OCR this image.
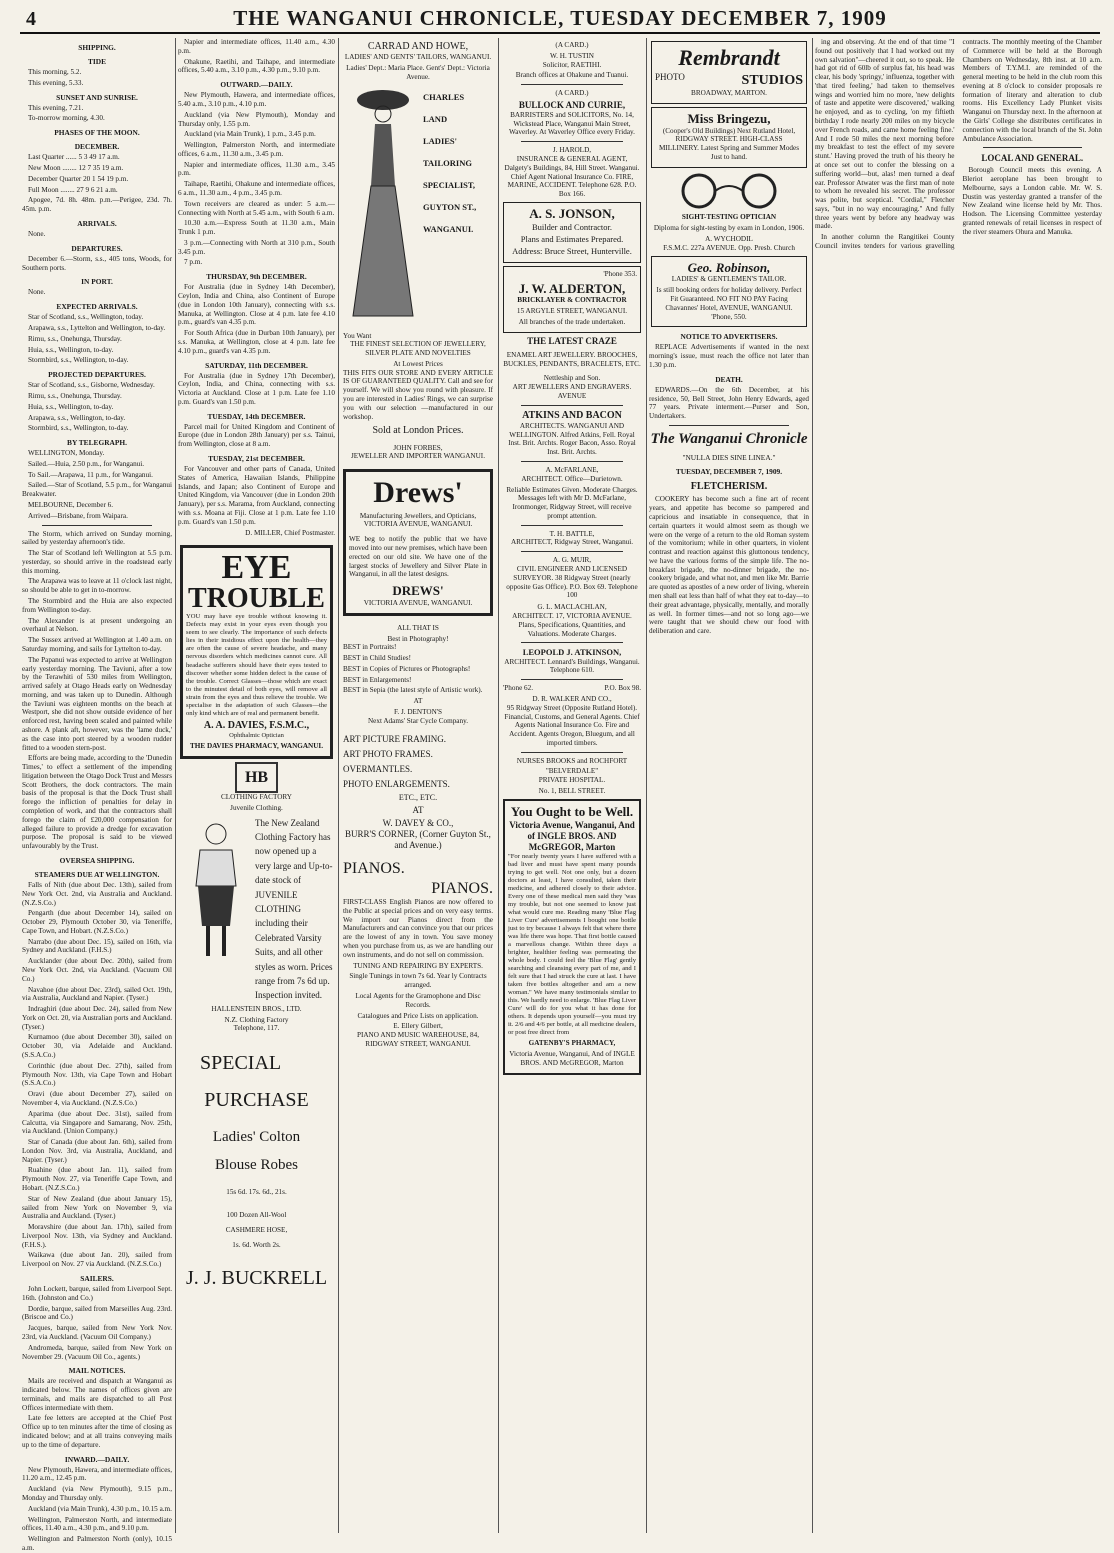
4	THE WANGANUI CHRONICLE, TUESDAY DECEMBER 7, 1909
SHIPPING.
TIDE

This morning, 5.2.

This evening, 5.33.

SUNSET AND SUNRISE.

This evening, 7.21.

To-morrow morning, 4.30.

PHASES OF THE MOON.
DECEMBER.

Last Quarter ...... 5 3 49 17 a.m.

New Moon ........ 12 7 35 19 a.m.

December Quarter 20 1 54 19 p.m.

Full Moon ........ 27 9 6 21 a.m.

Apogee, 7d. 8h. 48m. p.m.—Perigee, 23d. 7h. 45m. p.m.

ARRIVALS.

None.

DEPARTURES.

December 6.—Storm, s.s., 405 tons, Woods, for Southern ports.

IN PORT.

None.

EXPECTED ARRIVALS.

Star of Scotland, s.s., Wellington, today.

Arapawa, s.s., Lyttelton and Wellington, to-day.

Rimu, s.s., Onehunga, Thursday.

Huia, s.s., Wellington, to-day.

Stormbird, s.s., Wellington, to-day.

PROJECTED DEPARTURES.

Star of Scotland, s.s., Gisborne, Wednesday.

Rimu, s.s., Onehunga, Thursday.

Huia, s.s., Wellington, to-day.

Arapawa, s.s., Wellington, to-day.

Stormbird, s.s., Wellington, to-day.

BY TELEGRAPH.

WELLINGTON, Monday.

Sailed.—Huia, 2.50 p.m., for Wanganui.

To Sail.—Arapawa, 11 p.m., for Wanganui.

Sailed.—Star of Scotland, 5.5 p.m., for Wanganui Breakwater.

MELBOURNE, December 6.

Arrived—Brisbane, from Waipara.

The Storm, which arrived on Sunday morning, sailed by yesterday afternoon's tide.

The Star of Scotland left Wellington at 5.5 p.m. yesterday, so should arrive in the roadstead early this morning.

The Arapawa was to leave at 11 o'clock last night, so should be able to get in to-morrow.

The Stormbird and the Huia are also expected from Wellington to-day.

The Alexander is at present undergoing an overhaul at Nelson.

The Sussex arrived at Wellington at 1.40 a.m. on Saturday morning, and sails for Lyttelton to-day.

The Papanui was expected to arrive at Wellington early yesterday morning. The Taviuni, after a tow by the Terawhiti of 530 miles from Wellington, arrived safely at Otago Heads early on Wednesday morning, and was taken up to Dunedin. Although the Taviuni was eighteen months on the beach at Westport, she did not show outside evidence of her enforced rest, having been scaled and painted while ashore. A plank aft, however, was the 'lame duck,' as the case into port steered by a wooden rudder fitted to a wooden stern-post.

Efforts are being made, according to the 'Dunedin Times,' to effect a settlement of the impending litigation between the Otago Dock Trust and Messrs Scott Brothers, the dock contractors. The main basis of the proposal is that the Dock Trust shall forego the infliction of penalties for delay in completion of work, and that the contractors shall forego the claim of £20,000 compensation for alleged failure to provide a dredge for excavation purpose. The proposal is said to be viewed unfavourably by the Trust.

OVERSEA SHIPPING.
STEAMERS DUE AT WELLINGTON.

Falls of Nith (due about Dec. 13th), sailed from New York Oct. 2nd, via Australia and Auckland. (N.Z.S.Co.)

Pengarth (due about December 14), sailed on October 29, Plymouth October 30, via Teneriffe, Cape Town, and Hobart. (N.Z.S.Co.)

Narrabo (due about Dec. 15), sailed on 16th, via Sydney and Auckland. (F.H.S.)

Aucklander (due about Dec. 20th), sailed from New York Oct. 2nd, via Auckland. (Vacuum Oil Co.)

Navahoe (due about Dec. 23rd), sailed Oct. 19th, via Australia, Auckland and Napier. (Tyser.)

Indraghiri (due about Dec. 24), sailed from New York on Oct. 20, via Australian ports and Auckland. (Tyser.)

Kurnamoo (due about December 30), sailed on October 30, via Adelaide and Auckland. (S.S.A.Co.)

Corinthic (due about Dec. 27th), sailed from Plymouth Nov. 13th, via Cape Town and Hobart (S.S.A.Co.)

Oravi (due about December 27), sailed on November 4, via Auckland. (N.Z.S.Co.)

Aparima (due about Dec. 31st), sailed from Calcutta, via Singapore and Samarang, Nov. 25th, via Auckland. (Union Company.)

Star of Canada (due about Jan. 6th), sailed from London Nov. 3rd, via Australia, Auckland, and Napier. (Tyser.)

Ruahine (due about Jan. 11), sailed from Plymouth Nov. 27, via Teneriffe Cape Town, and Hobart. (N.Z.S.Co.)

Star of New Zealand (due about January 15), sailed from New York on November 9, via Australia and Auckland. (Tyser.)

Moravshire (due about Jan. 17th), sailed from Liverpool Nov. 13th, via Sydney and Auckland. (F.H.S.).

Waikawa (due about Jan. 20), sailed from Liverpool on Nov. 27 via Auckland. (N.Z.S.Co.)

SAILERS.

John Lockett, barque, sailed from Liverpool Sept. 16th. (Johnston and Co.)

Dordie, barque, sailed from Marseilles Aug. 23rd. (Briscoe and Co.)

Jacques, barque, sailed from New York Nov. 23rd, via Auckland. (Vacuum Oil Company.)

Andromeda, barque, sailed from New York on November 29. (Vacuum Oil Co., agents.)

MAIL NOTICES.

Mails are received and dispatch at Wanganui as indicated below. The names of offices given are terminals, and mails are dispatched to all Post Offices intermediate with them.

Late fee letters are accepted at the Chief Post Office up to ten minutes after the time of closing as indicated below; and at all trains conveying mails up to the time of departure.

INWARD.—DAILY.

New Plymouth, Hawera, and intermediate offices, 11.20 a.m., 12.45 p.m.

Auckland (via New Plymouth), 9.15 p.m., Monday and Thursday only.

Auckland (via Main Trunk), 4.30 p.m., 10.15 a.m.

Wellington, Palmerston North, and intermediate offices, 11.40 a.m., 4.30 p.m., and 9.10 p.m.

Wellington and Palmerston North (only), 10.15 a.m.

Napier and intermediate offices, 11.40 a.m., 4.30 p.m.

Ohakune, Raetihi, and Taihape, and intermediate offices, 5.40 a.m., 3.10 p.m., 4.30 p.m., 9.10 p.m.

OUTWARD.—DAILY.

New Plymouth, Hawera, and intermediate offices, 5.40 a.m., 3.10 p.m., 4.10 p.m.

Auckland (via New Plymouth), Monday and Thursday only, 1.55 p.m.

Auckland (via Main Trunk), 1 p.m., 3.45 p.m.

Wellington, Palmerston North, and intermediate offices, 6 a.m., 11.30 a.m., 3.45 p.m.

Napier and intermediate offices, 11.30 a.m., 3.45 p.m.

Taihape, Raetihi, Ohakune and intermediate offices, 6 a.m., 11.30 a.m., 4 p.m., 3.45 p.m.

Town receivers are cleared as under: 5 a.m.—Connecting with North at 5.45 a.m., with South 6 a.m.

10.30 a.m.—Express South at 11.30 a.m., Main Trunk 1 p.m.

3 p.m.—Connecting with North at 310 p.m., South 3.45 p.m.

7 p.m.

THURSDAY, 9th DECEMBER.

For Australia (due in Sydney 14th December), Ceylon, India and China, also Continent of Europe (due in London 10th January), connecting with s.s. Manuka, at Wellington. Close at 4 p.m. late fee 4.10 p.m., guard's van 4.35 p.m.

For South Africa (due in Durban 10th January), per s.s. Manuka, at Wellington, close at 4 p.m. late fee 4.10 p.m., guard's van 4.35 p.m.

SATURDAY, 11th DECEMBER.

For Australia (due in Sydney 17th December), Ceylon, India, and China, connecting with s.s. Victoria at Auckland. Close at 1 p.m. Late fee 1.10 p.m. Guard's van 1.50 p.m.

TUESDAY, 14th DECEMBER.

Parcel mail for United Kingdom and Continent of Europe (due in London 28th January) per s.s. Tainui, from Wellington, close at 8 a.m.

TUESDAY, 21st DECEMBER.

For Vancouver and other parts of Canada, United States of America, Hawaiian Islands, Philippine Islands, and Japan; also Continent of Europe and United Kingdom, via Vancouver (due in London 20th January), per s.s. Marama, from Auckland, connecting with s.s. Moana at Fiji. Close at 1 p.m. Late fee 1.10 p.m. Guard's van 1.50 p.m.

D. MILLER, Chief Postmaster.

EYE
TROUBLE

YOU may have eye trouble without knowing it. Defects may exist in your eyes even though you seem to see clearly. The importance of such defects lies in their insidious effect upon the health—they are often the cause of severe headache, and many nervous disorders which medicines cannot cure. All headache sufferers should have their eyes tested to discover whether some hidden defect is the cause of the trouble. Correct Glasses—those which are exact to the minutest detail of both eyes, will remove all strain from the eyes and thus relieve the trouble. We specialise in the adaptation of such Glasses—the only kind which are of real and permanent benefit.

A. A. DAVIES, F.S.M.C.,

Ophthalmic Optician

THE DAVIES PHARMACY, WANGANUI.

HB

CLOTHING FACTORY

Juvenile Clothing.

The New Zealand Clothing Factory has now opened up a very large and Up-to-date stock of JUVENILE CLOTHING including their Celebrated Varsity Suits, and all other styles as worn. Prices range from 7s 6d up. Inspection invited.

HALLENSTEIN BROS., LTD.

N.Z. Clothing Factory

Telephone, 117.

SPECIAL
PURCHASE
Ladies' Colton
Blouse Robes

15s 6d. 17s. 6d., 21s.

100 Dozen All-Wool

CASHMERE HOSE,

1s. 6d. Worth 2s.

J. J. BUCKRELL
CARRAD AND HOWE,

LADIES' AND GENTS' TAILORS, WANGANUI.

Ladies' Dept.: Maria Place. Gent's' Dept.: Victoria Avenue.

CHARLES
LAND
LADIES'
TAILORING
SPECIALIST,
GUYTON ST.,
WANGANUI.
You Want

THE FINEST SELECTION OF JEWELLERY, SILVER PLATE AND NOVELTIES

At Lowest Prices

THIS FITS OUR STORE AND EVERY ARTICLE IS OF GUARANTEED QUALITY. Call and see for yourself. We will show you round with pleasure. If you are interested in Ladies' Rings, we can surprise you with our selection —manufactured in our workshop.

Sold at London Prices.
JOHN FORBES,

JEWELLER AND IMPORTER WANGANUI.

Drews'

Manufacturing Jewellers, and Opticians, VICTORIA AVENUE, WANGANUI.

WE beg to notify the public that we have moved into our new premises, which have been erected on our old site. We have one of the largest stocks of Jewellery and Silver Plate in Wanganui, in all the latest designs.

DREWS'

VICTORIA AVENUE, WANGANUI.

ALL THAT IS

Best in Photography!

BEST in Portraits!

BEST in Child Studies!

BEST in Copies of Pictures or Photographs!

BEST in Enlargements!

BEST in Sepia (the latest style of Artistic work).

AT

F. J. DENTON'S

Next Adams' Star Cycle Company.

ART PICTURE FRAMING.

ART PHOTO FRAMES.

OVERMANTLES.

PHOTO ENLARGEMENTS.

ETC., ETC.

AT

W. DAVEY & CO.,

BURR'S CORNER, (Corner Guyton St., and Avenue.)

PIANOS.
PIANOS.

FIRST-CLASS English Pianos are now offered to the Public at special prices and on very easy terms. We import our Pianos direct from the Manufacturers and can convince you that our prices are the lowest of any in town. You save money when you purchase from us, as we are handling our own instruments, and do not sell on commission.

TUNING AND REPAIRING BY EXPERTS.

Single Tunings in town 7s 6d. Year ly Contracts arranged.

Local Agents for the Gramophone and Disc Records.

Catalogues and Price Lists on application.

E. Ellery Gilbert,

PIANO AND MUSIC WAREHOUSE, 84, RIDGWAY STREET, WANGANUI.

(A CARD.)

W. H. TUSTIN

Solicitor, RAETIHI.

Branch offices at Ohakune and Tuanui.

(A CARD.)

BULLOCK AND CURRIE,

BARRISTERS and SOLICITORS, No. 14, Wickstead Place, Wanganui Main Street, Waverley. At Waverley Office every Friday.

J. HAROLD,

INSURANCE & GENERAL AGENT, Dalgety's Buildings, 84, Hill Street. Wanganui. Chief Agent National Insurance Co. FIRE, MARINE, ACCIDENT. Telephone 628. P.O. Box 166.

A. S. JONSON,

Builder and Contractor.

Plans and Estimates Prepared.

Address: Bruce Street, Hunterville.

'Phone 353.

J. W. ALDERTON,

BRICKLAYER & CONTRACTOR

15 ARGYLE STREET, WANGANUI.

All branches of the trade undertaken.

THE LATEST CRAZE

ENAMEL ART JEWELLERY. BROOCHES, BUCKLES, PENDANTS, BRACELETS, ETC.

Nettleship and Son.

ART JEWELLERS AND ENGRAVERS. AVENUE

ATKINS AND BACON

ARCHITECTS. WANGANUI AND WELLINGTON. Alfred Atkins, Fell. Royal Inst. Brit. Archts. Roger Bacon, Asso. Royal Inst. Brit. Archts.

A. McFARLANE,

ARCHITECT. Office—Durietown.

Reliable Estimates Given. Moderate Charges. Messages left with Mr D. McFarlane, Ironmonger, Ridgway Street, will receive prompt attention.

T. H. BATTLE,

ARCHITECT, Ridgway Street, Wanganui.

A. G. MUIR,

CIVIL ENGINEER AND LICENSED SURVEYOR. 38 Ridgway Street (nearly opposite Gas Office). P.O. Box 69. Telephone 100

G. L. MACLACHLAN,

ARCHITECT. 17, VICTORIA AVENUE. Plans, Specifications, Quantities, and Valuations. Moderate Charges.

LEOPOLD J. ATKINSON,

ARCHITECT. Lennard's Buildings, Wanganui. Telephone 610.

'Phone 62.	P.O. Box 98.

D. R. WALKER AND CO.,

95 Ridgway Street (Opposite Rutland Hotel). Financial, Customs, and General Agents. Chief Agents National Insurance Co. Fire and Accident. Agents Oregon, Bluegum, and all imported timbers.

NURSES BROOKS and ROCHFORT

"BELVERDALE"

PRIVATE HOSPITAL.

No. 1, BELL STREET.

You Ought to be Well.
Victoria Avenue, Wanganui, And of INGLE BROS. AND McGREGOR, Marton

"For nearly twenty years I have suffered with a bad liver and must have spent many pounds trying to get well. Not one only, but a dozen doctors at least, I have consulted, taken their medicine, and adhered closely to their advice. Every one of these medical men said they 'was my trouble, but not one seemed to know just what would cure me. Reading many 'Blue Flag Liver Cure' advertisements I bought one bottle just to try because I always felt that where there was life there was hope. That first bottle caused a marvellous change. Within three days a brighter, healthier feeling was permeating the whole body. I could feel the 'Blue Flag' gently searching and cleansing every part of me, and I felt sure that I had struck the cure at last. I have taken five bottles altogether and am a new woman." We have many testimonials similar to this. We hardly need to enlarge. 'Blue Flag Liver Cure' will do for you what it has done for others. It depends upon yourself—you must try it. 2/6 and 4/6 per bottle, at all medicine dealers, or post free direct from

GATENBY'S PHARMACY,

Victoria Avenue, Wanganui, And of INGLE BROS. AND McGREGOR, Marton

Rembrandt
PHOTO	STUDIOS

BROADWAY, MARTON.

Miss Bringezu,

(Cooper's Old Buildings) Next Rutland Hotel, RIDGWAY STREET. HIGH-CLASS MILLINERY. Latest Spring and Summer Modes Just to hand.

SIGHT-TESTING OPTICIAN

Diploma for sight-testing by exam in London, 1906.

A. WYCHODIL

F.S.M.C. 227a AVENUE. Opp. Presb. Church

Geo. Robinson,

LADIES' & GENTLEMEN'S TAILOR.

Is still booking orders for holiday delivery. Perfect Fit Guaranteed. NO FIT NO PAY Facing Chavannes' Hotel, AVENUE, WANGANUI. 'Phone, 550.

NOTICE TO ADVERTISERS.

REPLACE Advertisements if wanted in the next morning's issue, must reach the office not later than 1.30 p.m.

DEATH.

EDWARDS.—On the 6th December, at his residence, 50, Bell Street, John Henry Edwards, aged 77 years. Private interment.—Purser and Son, Undertakers.

The Wanganui Chronicle
"NULLA DIES SINE LINEA."
TUESDAY, DECEMBER 7, 1909.
FLETCHERISM.

COOKERY has become such a fine art of recent years, and appetite has become so pampered and capricious and insatiable in consequence, that in certain quarters it would almost seem as though we were on the verge of a return to the old Roman system of the vomitorium; while in other quarters, in violent contrast and reaction against this gluttonous tendency, we have the various forms of the simple life. The no-breakfast brigade, the no-dinner brigade, the no-cookery brigade, and what not, and men like Mr. Barrie are quoted as apostles of a new order of living, wherein men shall eat less than half of what they eat to-day—to their great advantage, physically, mentally, and morally as well. In former times—and not so long ago—we were taught that we should chew our food with deliberation and care.

ing and observing. At the end of that time "I found out positively that I had worked out my own salvation"—cheered it out, so to speak. He had got rid of 60lb of surplus fat, his head was clear, his body 'springy,' influenza, together with 'that tired feeling,' had taken to themselves wings and worried him no more, 'new delights of taste and appetite were discovered,' walking he enjoyed, and as to cycling, 'on my fiftieth birthday I rode nearly 200 miles on my bicycle over French roads, and came home feeling fine.' And I rode 50 miles the next morning before my breakfast to test the effect of my severe stunt.' Having proved the truth of his theory he at once set out to confer the blessing on a suffering world—but, alas! men turned a deaf ear. Professor Atwater was the first man of note to whom he revealed his secret. The professor was polite, but sceptical. "Cordial," Fletcher says, "but in no way encouraging." And fully three years went by before any headway was made.

In another column the Rangitikei County Council invites tenders for various gravelling contracts. The monthly meeting of the Chamber of Commerce will be held at the Borough Chambers on Wednesday, 8th inst. at 10 a.m. Members of T.Y.M.I. are reminded of the general meeting to be held in the club room this evening at 8 o'clock to consider proposals re formation of literary and alteration to club rooms. His Excellency Lady Plunket visits Wanganui on Thursday next. In the afternoon at the Girls' College she distributes certificates in connection with the local branch of the St. John Ambulance Association.

LOCAL AND GENERAL.

Borough Council meets this evening. A Bleriot aeroplane has been brought to Melbourne, says a London cable. Mr. W. S. Dustin was yesterday granted a transfer of the New Zealand wine license held by Mr. Thos. Hodson. The Licensing Committee yesterday granted renewals of retail licenses in respect of the river steamers Ohura and Manuka.
